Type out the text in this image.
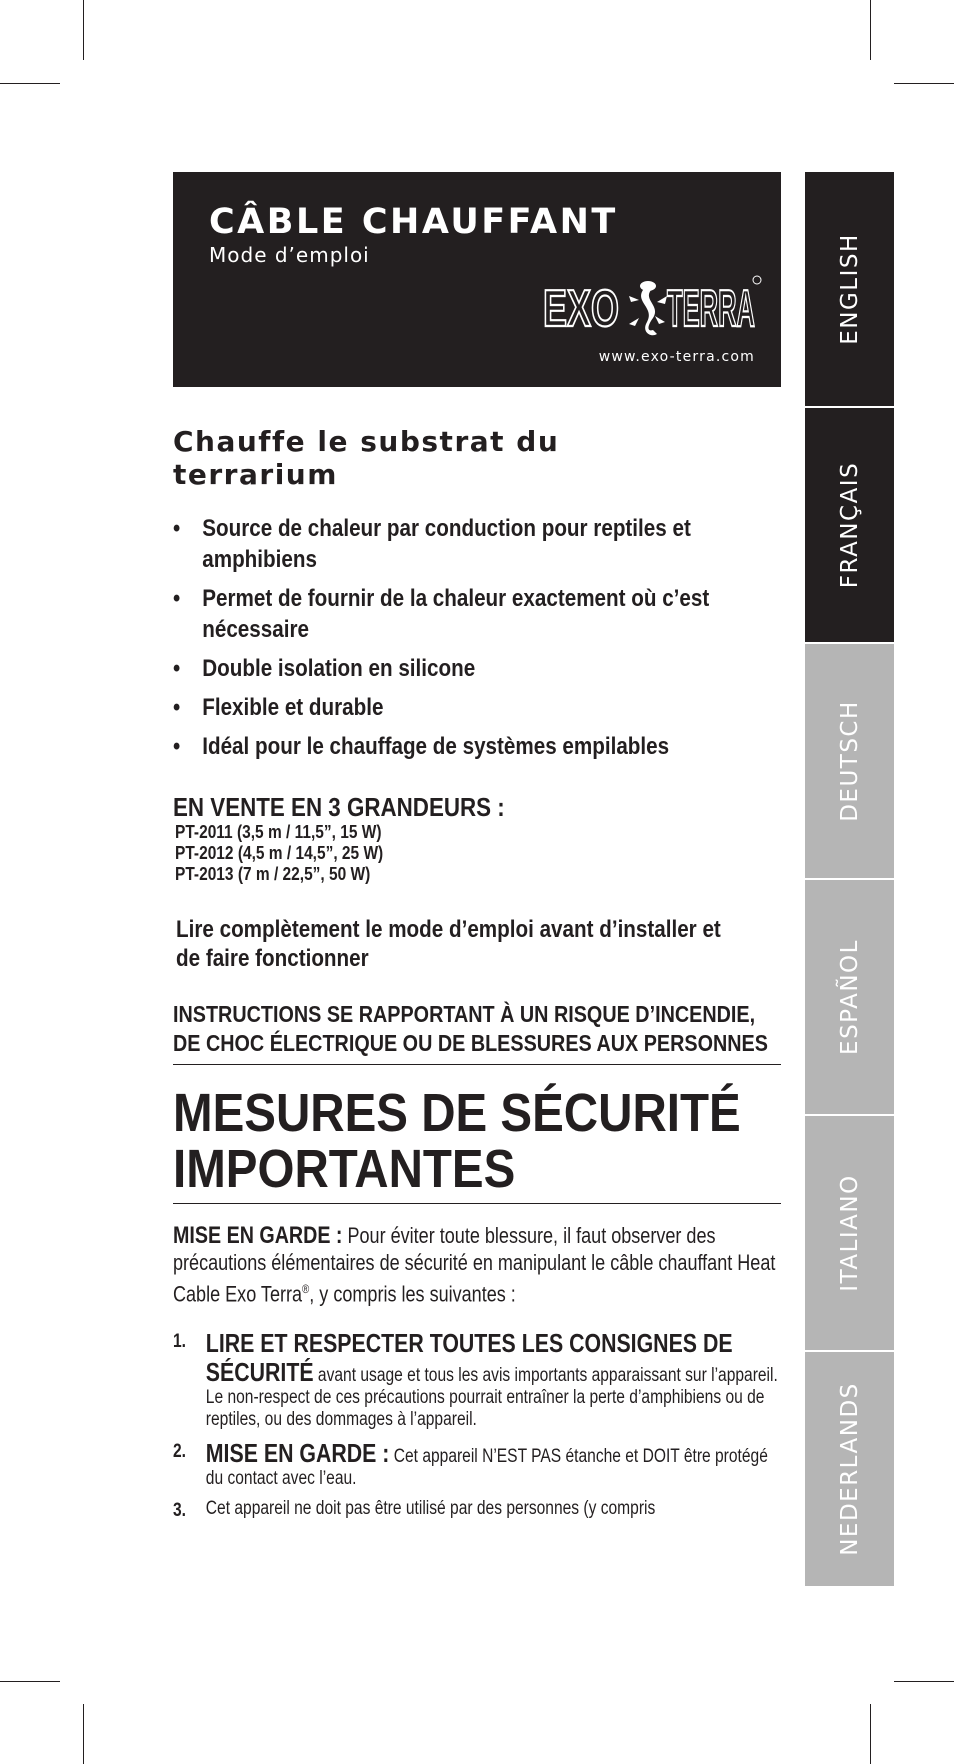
CÂBLE CHAUFFANT
Mode d’emploi
EXO TERRA
www.exo-terra.com
ENGLISH
FRANÇAIS
DEUTSCH
ESPAÑOL
ITALIANO
NEDERLANDS
Chauffe le substrat du terrarium
• Source de chaleur par conduction pour reptiles et amphibiens
• Permet de fournir de la chaleur exactement où c’est nécessaire
• Double isolation en silicone
• Flexible et durable
• Idéal pour le chauffage de systèmes empilables
EN VENTE EN 3 GRANDEURS :
PT-2011 (3,5 m / 11,5”, 15 W)
PT-2012 (4,5 m / 14,5”, 25 W)
PT-2013 (7 m / 22,5”, 50 W)
Lire complètement le mode d’emploi avant d’installer et de faire fonctionner
INSTRUCTIONS SE RAPPORTANT À UN RISQUE D’INCENDIE, DE CHOC ÉLECTRIQUE OU DE BLESSURES AUX PERSONNES
MESURES DE SÉCURITÉ IMPORTANTES
MISE EN GARDE : Pour éviter toute blessure, il faut observer des précautions élémentaires de sécurité en manipulant le câble chauffant Heat Cable Exo Terra®, y compris les suivantes :
1. LIRE ET RESPECTER TOUTES LES CONSIGNES DE SÉCURITÉ avant usage et tous les avis importants apparaissant sur l’appareil. Le non-respect de ces précautions pourrait entraîner la perte d’amphibiens ou de reptiles, ou des dommages à l’appareil.
2. MISE EN GARDE : Cet appareil N’EST PAS étanche et DOIT être protégé du contact avec l’eau.
3. Cet appareil ne doit pas être utilisé par des personnes (y compris
